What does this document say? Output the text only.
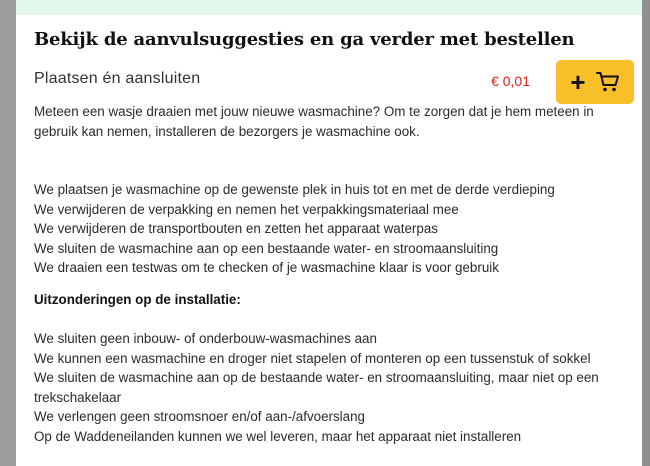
Bekijk de aanvulsuggesties en ga verder met bestellen
Plaatsen én aansluiten	€ 0,01 +

Meteen een wasje draaien met jouw nieuwe wasmachine? Om te zorgen dat je hem meteen in gebruik kan nemen, installeren de bezorgers je wasmachine ook.

We plaatsen je wasmachine op de gewenste plek in huis tot en met de derde verdieping
We verwijderen de verpakking en nemen het verpakkingsmateriaal mee
We verwijderen de transportbouten en zetten het apparaat waterpas
We sluiten de wasmachine aan op een bestaande water- en stroomaansluiting
We draaien een testwas om te checken of je wasmachine klaar is voor gebruik

Uitzonderingen op de installatie:

We sluiten geen inbouw- of onderbouw-wasmachines aan
We kunnen een wasmachine en droger niet stapelen of monteren op een tussenstuk of sokkel
We sluiten de wasmachine aan op de bestaande water- en stroomaansluiting, maar niet op een trekschakelaar
We verlengen geen stroomsnoer en/of aan-/afvoerslang
Op de Waddeneilanden kunnen we wel leveren, maar het apparaat niet installeren
